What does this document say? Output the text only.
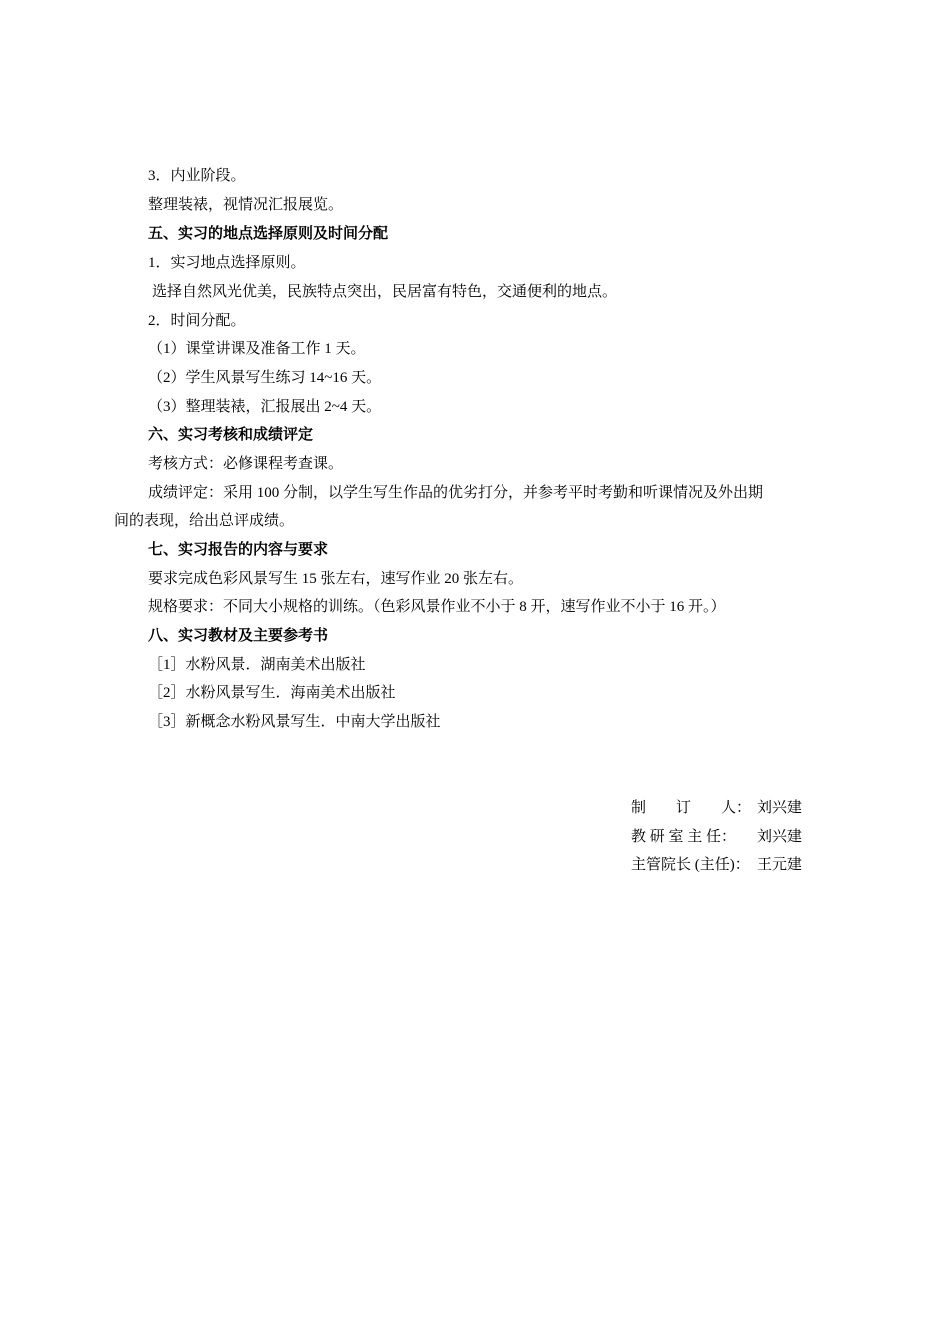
3．内业阶段。
整理装裱，视情况汇报展览。
五、实习的地点选择原则及时间分配
1．实习地点选择原则。
选择自然风光优美，民族特点突出，民居富有特色，交通便利的地点。
2．时间分配。
（1）课堂讲课及准备工作 1 天。
（2）学生风景写生练习 14~16 天。
（3）整理装裱，汇报展出 2~4 天。
六、实习考核和成绩评定
考核方式：必修课程考查课。
成绩评定：采用 100 分制，以学生写生作品的优劣打分，并参考平时考勤和听课情况及外出期
间的表现，给出总评成绩。
七、实习报告的内容与要求
要求完成色彩风景写生 15 张左右，速写作业 20 张左右。
规格要求：不同大小规格的训练。（色彩风景作业不小于 8 开，速写作业不小于 16 开。）
八、实习教材及主要参考书
［1］水粉风景．湖南美术出版社
［2］水粉风景写生．海南美术出版社
［3］新概念水粉风景写生．中南大学出版社
制　　订　　人： 刘兴建
教 研 室 主 任： 刘兴建
主管院长 (主任)： 王元建
